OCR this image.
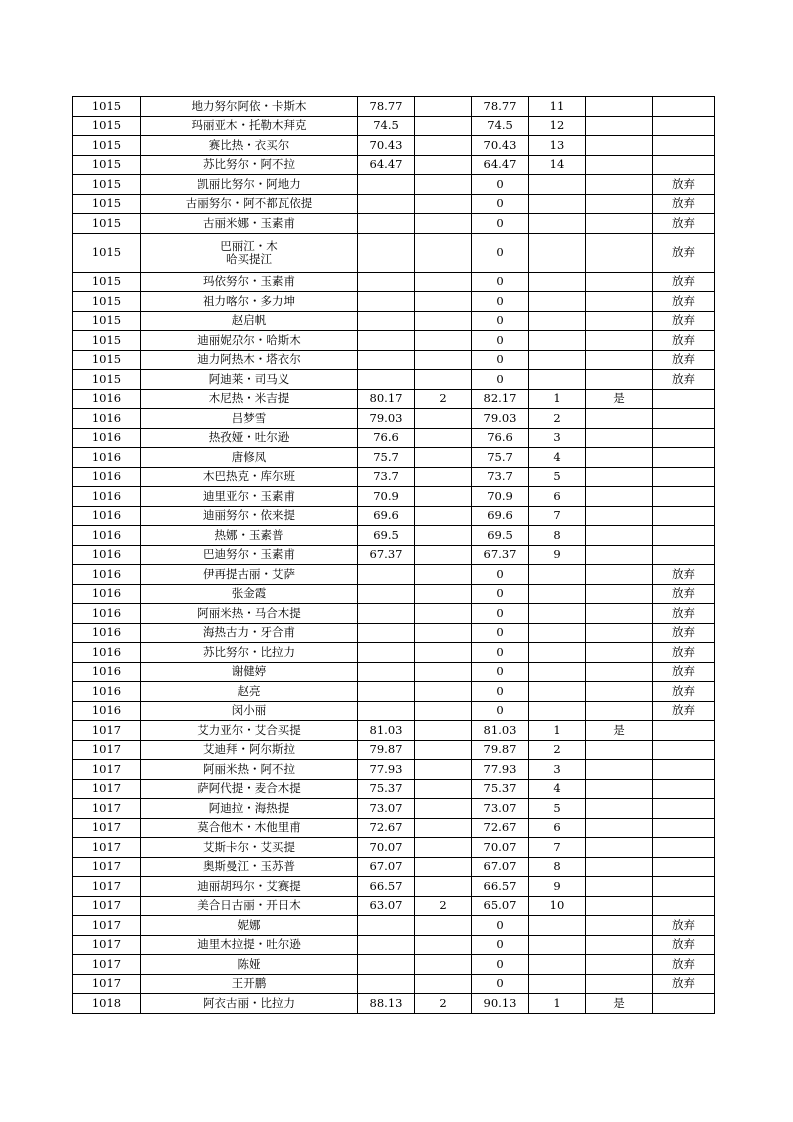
1015	地力努尔阿依・卡斯木	78.77		78.77	11		
1015	玛丽亚木・托勒木拜克	74.5		74.5	12		
1015	赛比热・衣买尔	70.43		70.43	13		
1015	苏比努尔・阿不拉	64.47		64.47	14		
1015	凯丽比努尔・阿地力			0			放弃
1015	古丽努尔・阿不都瓦依提			0			放弃
1015	古丽米娜・玉素甫			0			放弃
1015	巴丽江・木
哈买提江			0			放弃
1015	玛依努尔・玉素甫			0			放弃
1015	祖力喀尔・多力坤			0			放弃
1015	赵启帆			0			放弃
1015	迪丽妮尕尔・哈斯木			0			放弃
1015	迪力阿热木・塔衣尔			0			放弃
1015	阿迪莱・司马义			0			放弃
1016	木尼热・米吉提	80.17	2	82.17	1	是	
1016	吕梦雪	79.03		79.03	2		
1016	热孜娅・吐尔逊	76.6		76.6	3		
1016	唐修凤	75.7		75.7	4		
1016	木巴热克・库尔班	73.7		73.7	5		
1016	迪里亚尔・玉素甫	70.9		70.9	6		
1016	迪丽努尔・依来提	69.6		69.6	7		
1016	热娜・玉素普	69.5		69.5	8		
1016	巴迪努尔・玉素甫	67.37		67.37	9		
1016	伊再提古丽・艾萨			0			放弃
1016	张金霞			0			放弃
1016	阿丽米热・马合木提			0			放弃
1016	海热古力・牙合甫			0			放弃
1016	苏比努尔・比拉力			0			放弃
1016	谢健婷			0			放弃
1016	赵亮			0			放弃
1016	闵小丽			0			放弃
1017	艾力亚尔・艾合买提	81.03		81.03	1	是	
1017	艾迪拜・阿尔斯拉	79.87		79.87	2		
1017	阿丽米热・阿不拉	77.93		77.93	3		
1017	萨阿代提・麦合木提	75.37		75.37	4		
1017	阿迪拉・海热提	73.07		73.07	5		
1017	莫合他木・木他里甫	72.67		72.67	6		
1017	艾斯卡尔・艾买提	70.07		70.07	7		
1017	奥斯曼江・玉苏普	67.07		67.07	8		
1017	迪丽胡玛尔・艾赛提	66.57		66.57	9		
1017	美合日古丽・开日木	63.07	2	65.07	10		
1017	妮娜			0			放弃
1017	迪里木拉提・吐尔逊			0			放弃
1017	陈娅			0			放弃
1017	王开鹏			0			放弃
1018	阿衣古丽・比拉力	88.13	2	90.13	1	是	
